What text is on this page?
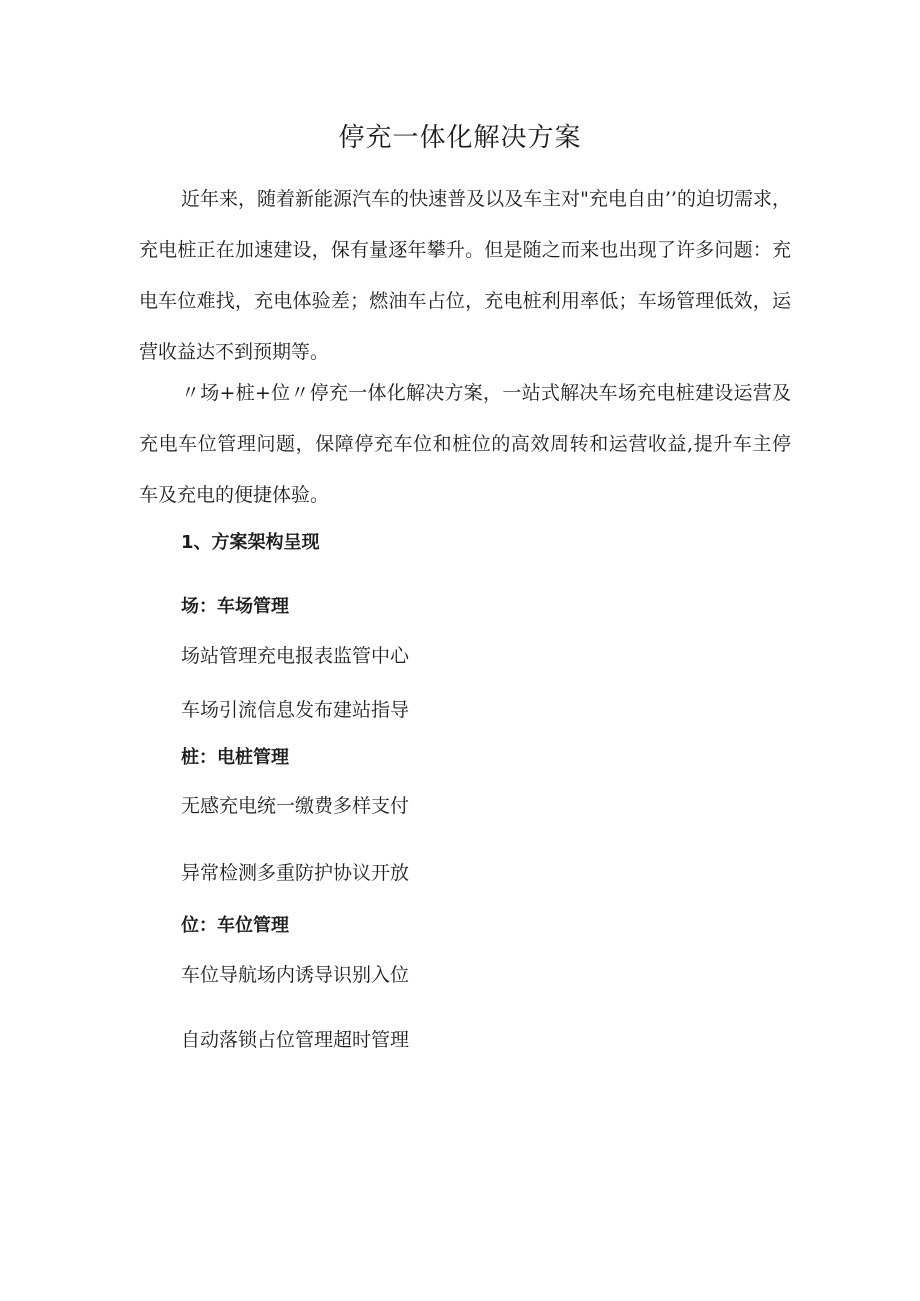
停充一体化解决方案

近年来，随着新能源汽车的快速普及以及车主对"充电自由’’的迫切需求，充电桩正在加速建设，保有量逐年攀升。但是随之而来也出现了许多问题：充电车位难找，充电体验差；燃油车占位，充电桩利用率低；车场管理低效，运营收益达不到预期等。

〃场+桩+位〃停充一体化解决方案，一站式解决车场充电桩建设运营及充电车位管理问题，保障停充车位和桩位的高效周转和运营收益,提升车主停车及充电的便捷体验。

1、方案架构呈现
场：车场管理
场站管理充电报表监管中心
车场引流信息发布建站指导
桩：电桩管理
无感充电统一缴费多样支付
异常检测多重防护协议开放
位：车位管理
车位导航场内诱导识别入位
自动落锁占位管理超时管理
